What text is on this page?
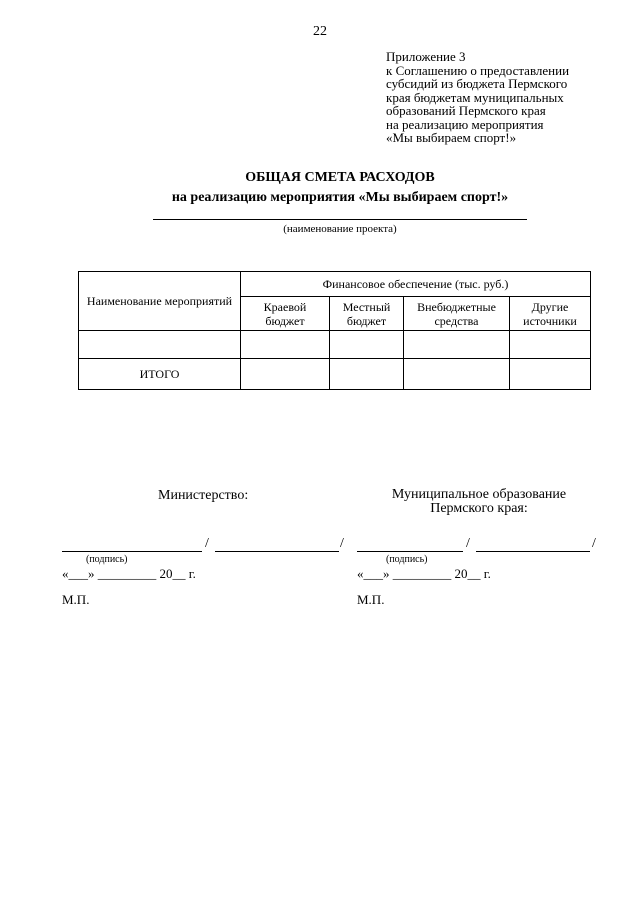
22
Приложение 3
к Соглашению о предоставлении
субсидий из бюджета Пермского
края бюджетам муниципальных
образований Пермского края
на реализацию мероприятия
«Мы выбираем спорт!»
ОБЩАЯ СМЕТА РАСХОДОВ
на реализацию мероприятия «Мы выбираем спорт!»
(наименование проекта)
Наименование мероприятий	Финансовое обеспечение (тыс. руб.)			
	Краевой бюджет	Местный бюджет	Внебюджетные средства	Другие источники

ИТОГО				
Министерство:	Муниципальное образование Пермского края:
/	/
(подпись)
«___» _________ 20__ г.
М.П.
/	/
(подпись)
«___» _________ 20__ г.
М.П.
